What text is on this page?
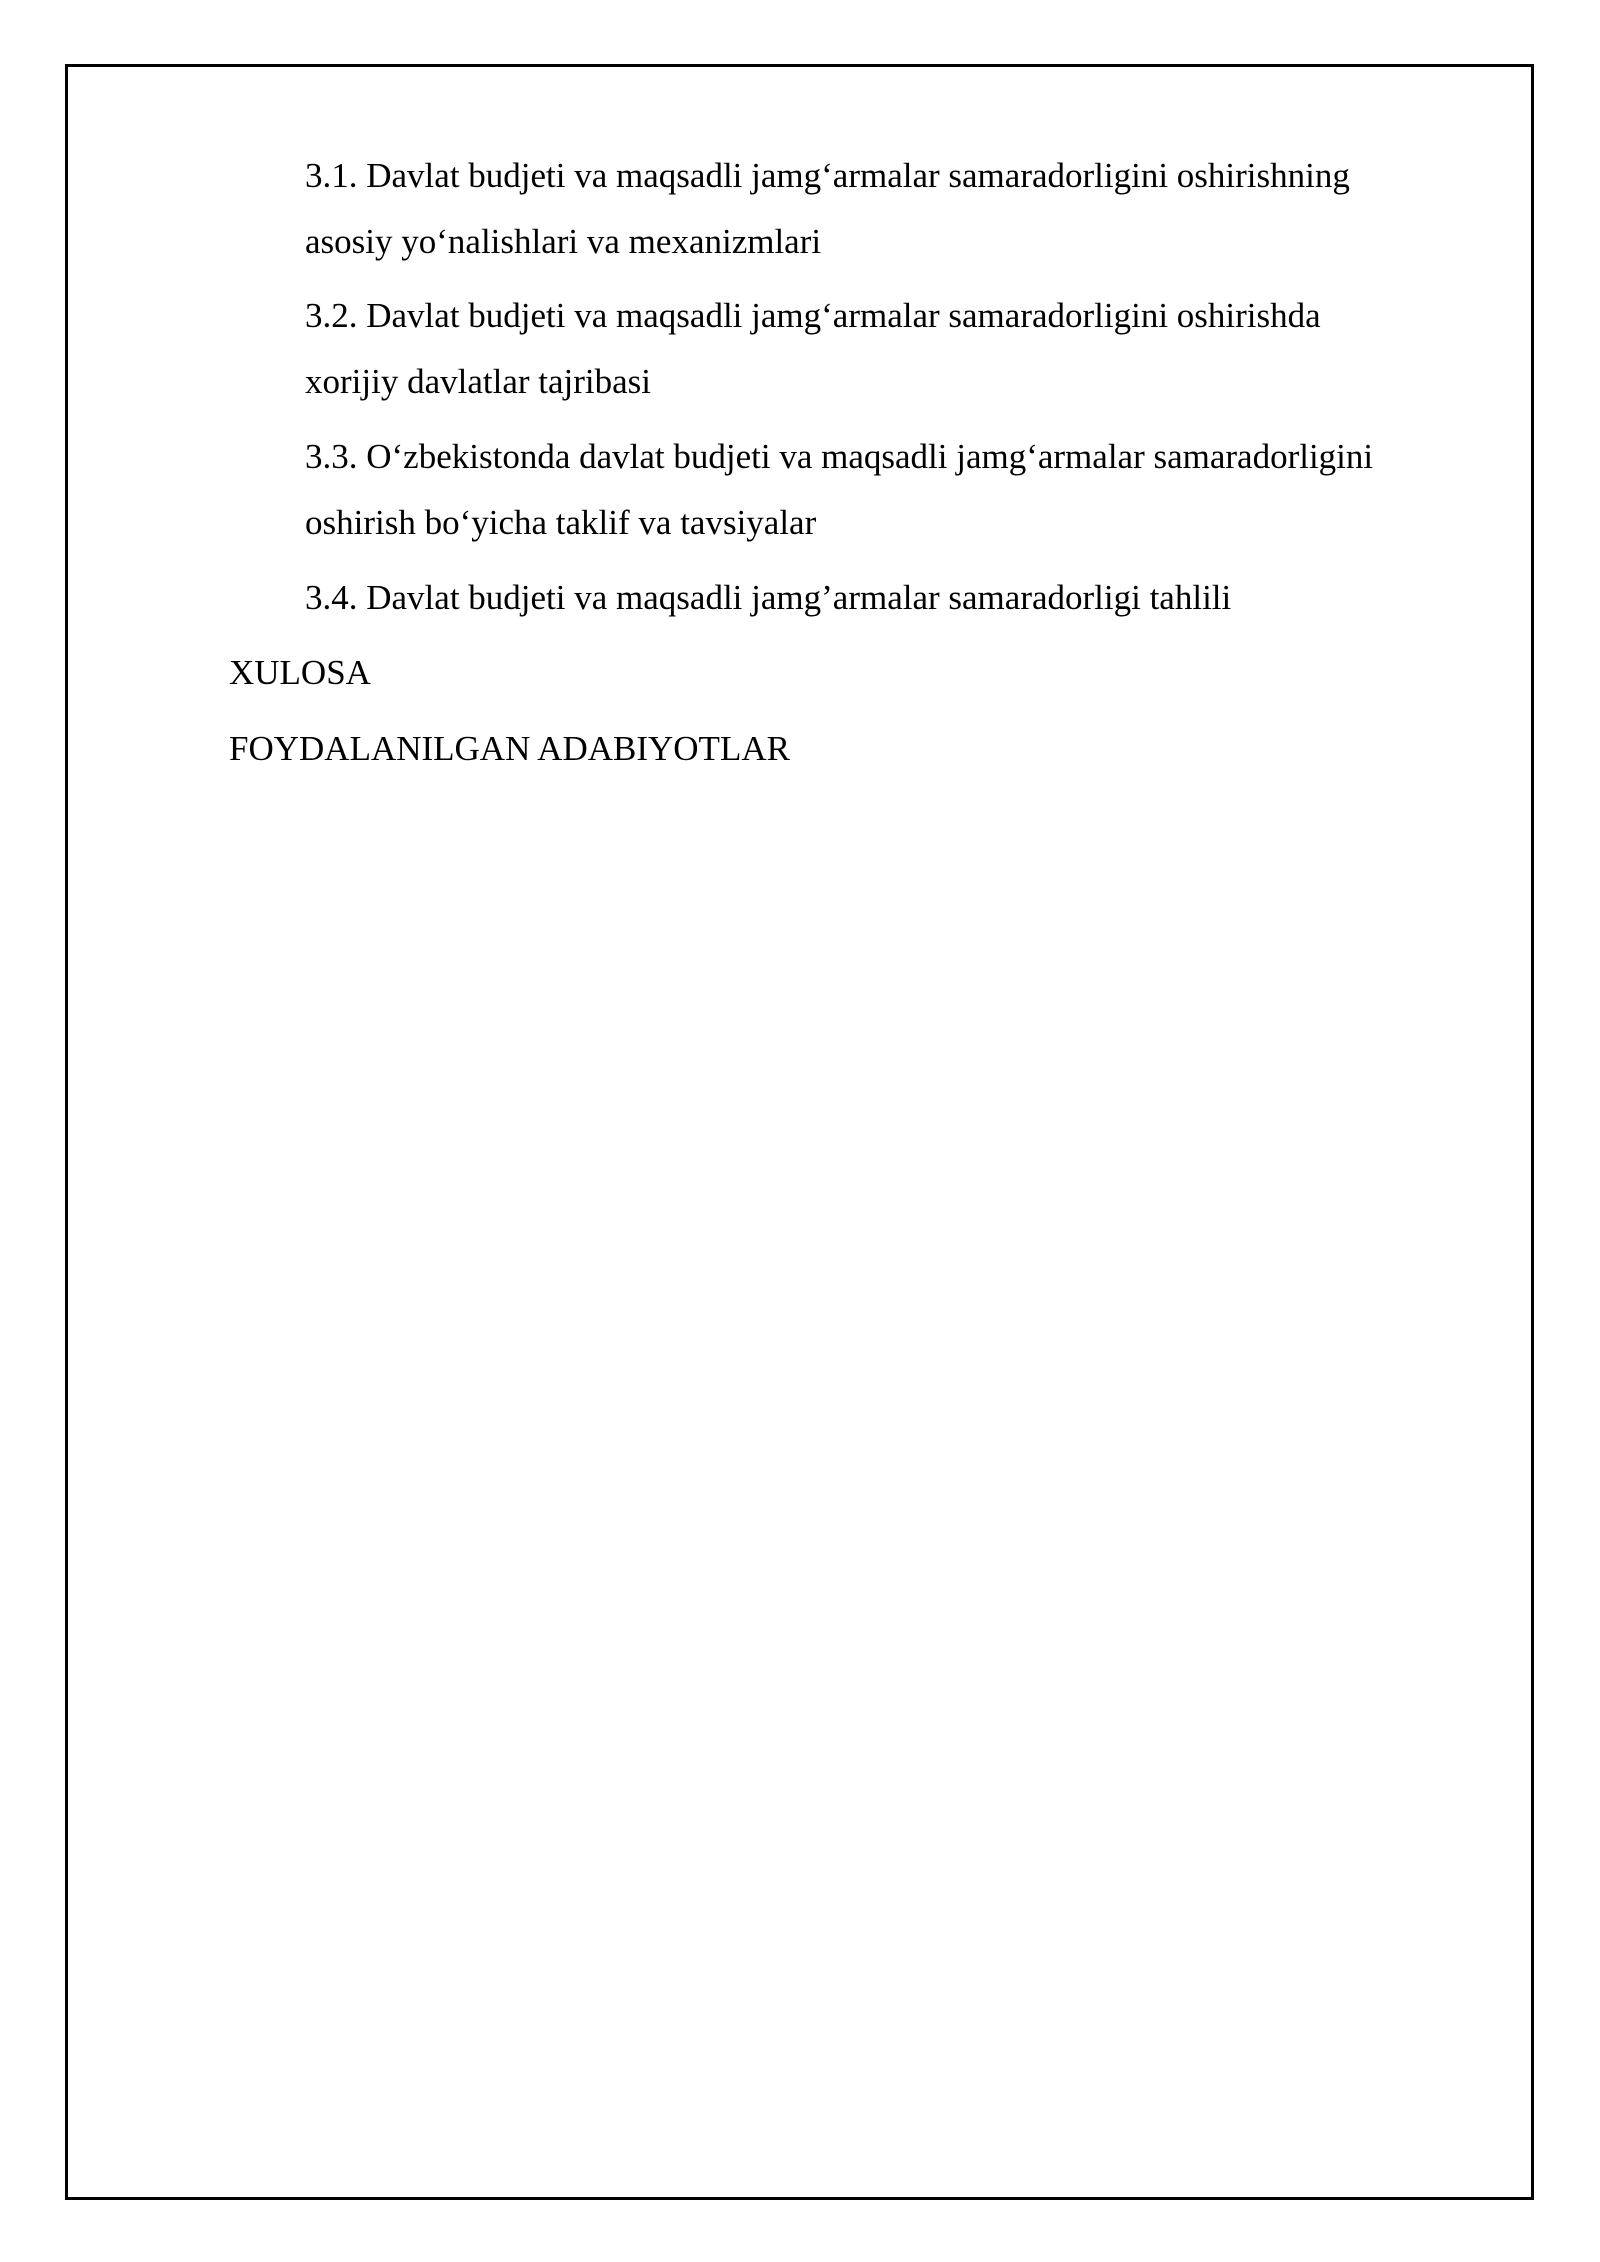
3.1. Davlat budjeti va maqsadli jamg‘armalar samaradorligini oshirishning
asosiy yo‘nalishlari va mexanizmlari
3.2. Davlat budjeti va maqsadli jamg‘armalar samaradorligini oshirishda
xorijiy davlatlar tajribasi
3.3. O‘zbekistonda davlat budjeti va maqsadli jamg‘armalar samaradorligini
oshirish bo‘yicha taklif va tavsiyalar
3.4. Davlat budjeti va maqsadli jamg’armalar samaradorligi tahlili
XULOSA
FOYDALANILGAN ADABIYOTLAR
